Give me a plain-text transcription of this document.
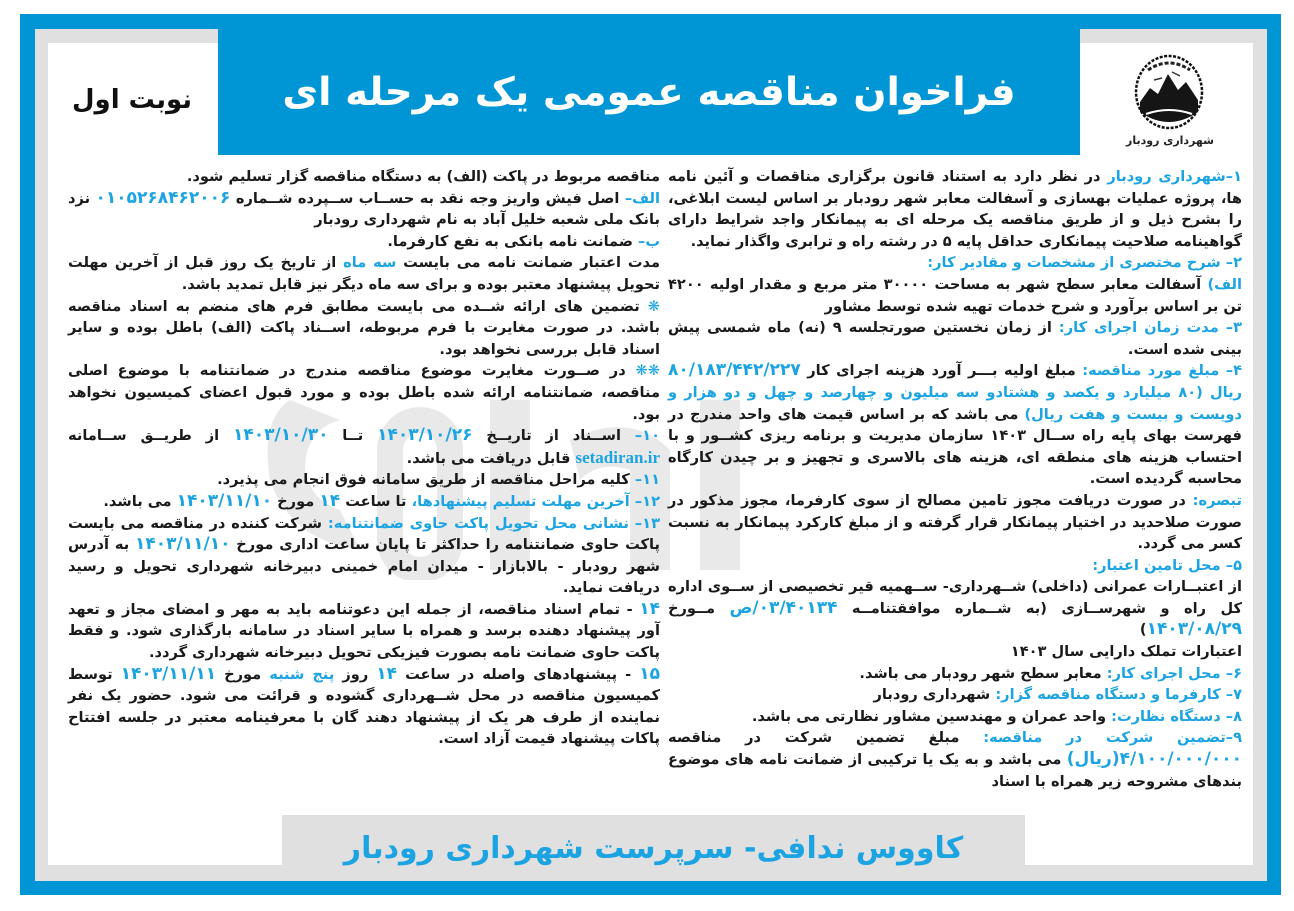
فراخوان مناقصه عمومی یک مرحله ای
نوبت اول
شهرداری رودبار

۱–شهرداری رودبار در نظر دارد به استناد قانون برگزاری مناقصات و آئین نامه ها، پروژه عملیات بهسازی و آسفالت معابر شهر رودبار بر اساس لیست ابلاغی، را بشرح ذیل و از طریق مناقصه یک مرحله ای به پیمانکار واجد شرایط دارای گواهینامه صلاحیت پیمانکاری حداقل پایه ۵ در رشته راه و ترابری واگذار نماید.

۲– شرح مختصری از مشخصات و مقادیر کار:

الف) آسفالت معابر سطح شهر به مساحت ۳۰۰۰۰ متر مربع و مقدار اولیه ۴۲۰۰ تن بر اساس برآورد و شرح خدمات تهیه شده توسط مشاور

۳– مدت زمان اجرای کار: از زمان نخستین صورتجلسه ۹ (نه) ماه شمسی پیش بینی شده است.

۴– مبلغ مورد مناقصه: مبلغ اولیه بـــر آورد هزینه اجرای کار ۸۰/۱۸۳/۴۴۲/۲۲۷ ریال (۸۰ میلیارد و یکصد و هشتادو سه میلیون و چهارصد و چهل و دو هزار و دویست و بیست و هفت ریال) می باشد که بر اساس قیمت های واحد مندرج در فهرست بهای پایه راه ســال ۱۴۰۳ سازمان مدیریت و برنامه ریزی کشــور و با احتساب هزینه های منطقه ای، هزینه های بالاسری و تجهیز و بر چیدن کارگاه محاسبه گردیده است.

تبصره: در صورت دریافت مجوز تامین مصالح از سوی کارفرما، مجوز مذکور در صورت صلاحدید در اختیار پیمانکار قرار گرفته و از مبلغ کارکرد پیمانکار به نسبت کسر می گردد.

۵– محل تامین اعتبار:

از اعتبــارات عمرانی (داخلی) شــهرداری- ســهمیه قیر تخصیصی از ســوی اداره کل راه و شهرســازی (به شــماره موافقتنامــه ۰۳/۴۰۱۳۴/ص مــورخ ۱۴۰۳/۰۸/۲۹)

اعتبارات تملک دارایی سال ۱۴۰۳

۶– محل اجرای کار: معابر سطح شهر رودبار می باشد.

۷– کارفرما و دستگاه مناقصه گزار: شهرداری رودبار

۸– دستگاه نظارت: واحد عمران و مهندسین مشاور نظارتی می باشد.

۹–تضمین شرکت در مناقصه: مبلغ تضمین شرکت در مناقصه ۴/۱۰۰/۰۰۰/۰۰۰(ریال) می باشد و به یک یا ترکیبی از ضمانت نامه های موضوع بندهای مشروحه زیر همراه با اسناد

مناقصه مربوط در پاکت (الف) به دستگاه مناقصه گزار تسلیم شود.

الف– اصل فیش واریز وجه نقد به حســاب ســپرده شــماره ۰۱۰۵۲۶۸۴۶۲۰۰۶ نزد بانک ملی شعبه خلیل آباد به نام شهرداری رودبار

ب– ضمانت نامه بانکی به نفع کارفرما.

مدت اعتبار ضمانت نامه می بایست سه ماه از تاریخ یک روز قبل از آخرین مهلت تحویل پیشنهاد معتبر بوده و برای سه ماه دیگر نیز قابل تمدید باشد.

❋ تضمین های ارائه شــده می بایست مطابق فرم های منضم به اسناد مناقصه باشد. در صورت مغایرت با فرم مربوطه، اســناد پاکت (الف) باطل بوده و سایر اسناد قابل بررسی نخواهد بود.

❋❋ در صــورت مغایرت موضوع مناقصه مندرج در ضمانتنامه با موضوع اصلی مناقصه، ضمانتنامه ارائه شده باطل بوده و مورد قبول اعضای کمیسیون نخواهد بود.

۱۰– اســناد از تاریــخ ۱۴۰۳/۱۰/۲۶ تــا ۱۴۰۳/۱۰/۳۰ از طریــق ســامانه setadiran.ir قابل دریافت می باشد.

۱۱– کلیه مراحل مناقصه از طریق سامانه فوق انجام می پذیرد.

۱۲– آخرین مهلت تسلیم پیشنهادها، تا ساعت ۱۴ مورخ ۱۴۰۳/۱۱/۱۰ می باشد.

۱۳– نشانی محل تحویل پاکت حاوی ضمانتنامه: شرکت کننده در مناقصه می بایست پاکت حاوی ضمانتنامه را حداکثر تا پایان ساعت اداری مورخ ۱۴۰۳/۱۱/۱۰ به آدرس شهر رودبار - بالابازار - میدان امام خمینی دبیرخانه شهرداری تحویل و رسید دریافت نماید.

۱۴ - تمام اسناد مناقصه، از جمله این دعوتنامه باید به مهر و امضای مجاز و تعهد آور پیشنهاد دهنده برسد و همراه با سایر اسناد در سامانه بارگذاری شود. و فقط پاکت حاوی ضمانت نامه بصورت فیزیکی تحویل دبیرخانه شهرداری گردد.

۱۵ - پیشنهادهای واصله در ساعت ۱۴ روز پنج شنبه مورخ ۱۴۰۳/۱۱/۱۱ توسط کمیسیون مناقصه در محل شــهرداری گشوده و قرائت می شود. حضور یک نفر نماینده از طرف هر یک از پیشنهاد دهند گان با معرفینامه معتبر در جلسه افتتاح پاکات پیشنهاد قیمت آزاد است.

کاووس ندافی- سرپرست شهرداری رودبار
